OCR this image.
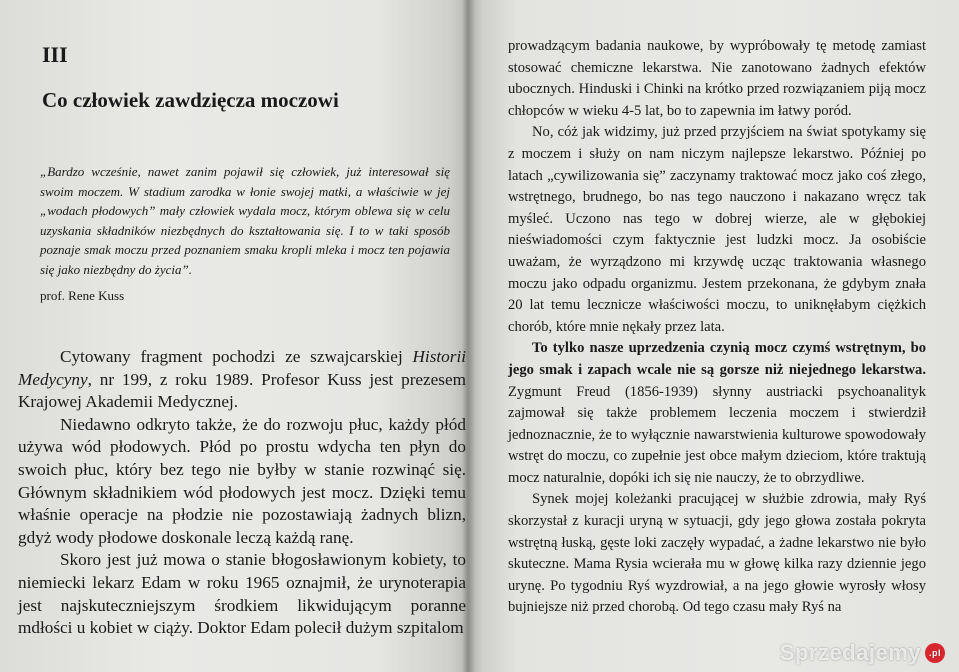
III
Co człowiek zawdzięcza moczowi

„Bardzo wcześnie, nawet zanim pojawił się człowiek, już interesował się swoim moczem. W stadium zarodka w łonie swojej matki, a właściwie w jej „wodach płodowych” mały człowiek wydala mocz, którym oblewa się w celu uzyskania składników niezbędnych do kształtowania się. I to w taki sposób poznaje smak moczu przed poznaniem smaku kropli mleka i mocz ten pojawia się jako niezbędny do życia”.

prof. Rene Kuss

Cytowany fragment pochodzi ze szwajcarskiej Historii Medycyny, nr 199, z roku 1989. Profesor Kuss jest prezesem Krajowej Akademii Medycznej.

Niedawno odkryto także, że do rozwoju płuc, każdy płód używa wód płodowych. Płód po prostu wdycha ten płyn do swoich płuc, który bez tego nie byłby w stanie rozwinąć się. Głównym składnikiem wód płodowych jest mocz. Dzięki temu właśnie operacje na płodzie nie pozostawiają żadnych blizn, gdyż wody płodowe doskonale leczą każdą ranę.

Skoro jest już mowa o stanie błogosławionym kobiety, to niemiecki lekarz Edam w roku 1965 oznajmił, że urynoterapia jest najskuteczniejszym środkiem likwidującym poranne mdłości u kobiet w ciąży. Doktor Edam polecił dużym szpitalom

prowadzącym badania naukowe, by wypróbowały tę metodę zamiast stosować chemiczne lekarstwa. Nie zanotowano żadnych efektów ubocznych. Hinduski i Chinki na krótko przed rozwiązaniem piją mocz chłopców w wieku 4-5 lat, bo to zapewnia im łatwy poród.

No, cóż jak widzimy, już przed przyjściem na świat spotykamy się z moczem i służy on nam niczym najlepsze lekarstwo. Później po latach „cywilizowania się” zaczynamy traktować mocz jako coś złego, wstrętnego, brudnego, bo nas tego nauczono i nakazano wręcz tak myśleć. Uczono nas tego w dobrej wierze, ale w głębokiej nieświadomości czym faktycznie jest ludzki mocz. Ja osobiście uważam, że wyrządzono mi krzywdę ucząc traktowania własnego moczu jako odpadu organizmu. Jestem przekonana, że gdybym znała 20 lat temu lecznicze właściwości moczu, to uniknęłabym ciężkich chorób, które mnie nękały przez lata.

To tylko nasze uprzedzenia czynią mocz czymś wstrętnym, bo jego smak i zapach wcale nie są gorsze niż niejednego lekarstwa. Zygmunt Freud (1856-1939) słynny austriacki psychoanalityk zajmował się także problemem leczenia moczem i stwierdził jednoznacznie, że to wyłącznie nawarstwienia kulturowe spowodowały wstręt do moczu, co zupełnie jest obce małym dzieciom, które traktują mocz naturalnie, dopóki ich się nie nauczy, że to obrzydliwe.

Synek mojej koleżanki pracującej w służbie zdrowia, mały Ryś skorzystał z kuracji uryną w sytuacji, gdy jego głowa została pokryta wstrętną łuską, gęste loki zaczęły wypadać, a żadne lekarstwo nie było skuteczne. Mama Rysia wcierała mu w głowę kilka razy dziennie jego urynę. Po tygodniu Ryś wyzdrowiał, a na jego głowie wyrosły włosy bujniejsze niż przed chorobą. Od tego czasu mały Ryś na

Sprzedajemy .pl
